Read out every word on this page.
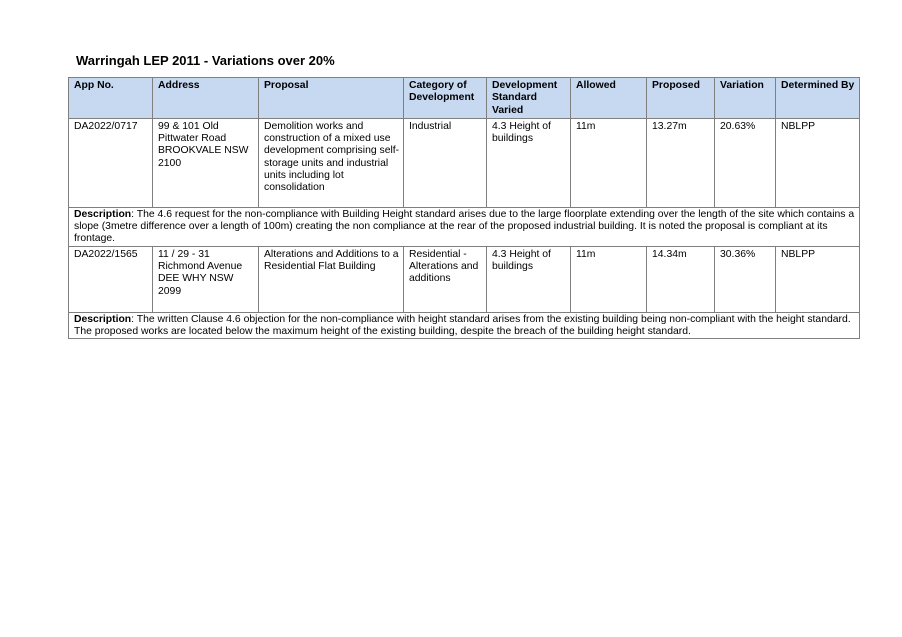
Warringah LEP 2011 - Variations over 20%
App No.	Address	Proposal	Category of Development	Development Standard Varied	Allowed	Proposed	Variation	Determined By
DA2022/0717	99 & 101 Old Pittwater Road BROOKVALE NSW 2100	Demolition works and construction of a mixed use development comprising self-storage units and industrial units including lot consolidation	Industrial	4.3 Height of buildings	11m	13.27m	20.63%	NBLPP
Description: The 4.6 request for the non-compliance with Building Height standard arises due to the large floorplate extending over the length of the site which contains a slope (3metre difference over a length of 100m) creating the non compliance at the rear of the proposed industrial building. It is noted the proposal is compliant at its frontage.								
DA2022/1565	11 / 29 - 31 Richmond Avenue DEE WHY NSW 2099	Alterations and Additions to a Residential Flat Building	Residential - Alterations and additions	4.3 Height of buildings	11m	14.34m	30.36%	NBLPP
Description: The written Clause 4.6 objection for the non-compliance with height standard arises from the existing building being non-compliant with the height standard. The proposed works are located below the maximum height of the existing building, despite the breach of the building height standard.								
